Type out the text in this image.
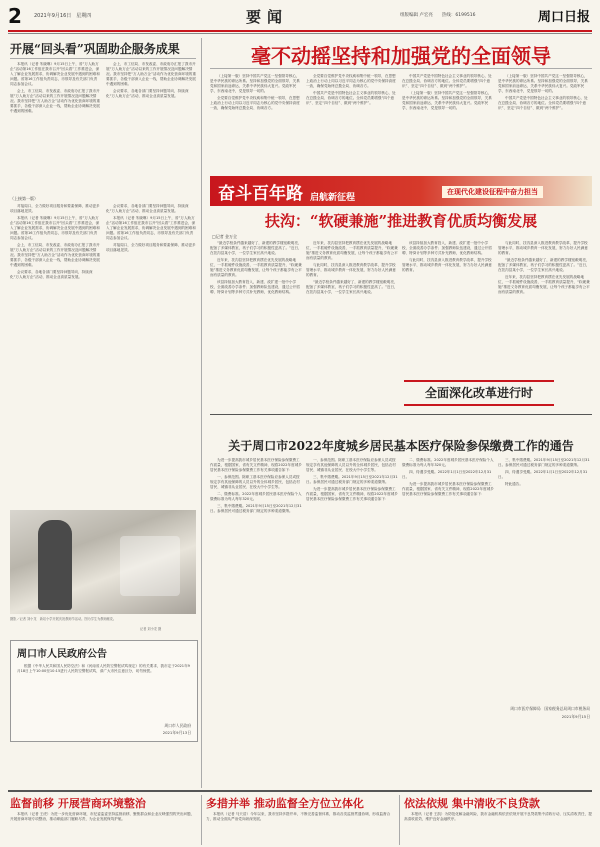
2 2021年9月16日　星期四	要闻	组版编辑 卢宏亮　　热线：6199516	周口日报
开展“回头看”巩固助企服务成果

本报讯（记者 朱晓琳）9月15日上午，省“万人助万企”活动第16工作组在我市召开“回头看”工作推进会，深入了解企业发展需求，协调解决企业发展中遇到的困难和问题。省第16工作组负责同志，市领导及有关部门负责同志参加会议。

会上，市工信局、市发改委、市政府办汇报了我市开展“万人助万企”活动以来的工作开展情况及问题解决情况。我市坚持把“万人助万企”活动作为优化营商环境的重要抓手，各级干部深入企业一线，帮助企业协调解决发展中遇到的困难。

会上，市工信局、市发改委、市政府办汇报了我市开展“万人助万企”活动以来的工作开展情况及问题解决情况。我市坚持把“万人助万企”活动作为优化营商环境的重要抓手，各级干部深入企业一线，帮助企业协调解决发展中遇到的困难。

会议要求，各地各部门要坚持问题导向，持续深化“万人助万企”活动，推动企业高质量发展。

（上接第一版）

对接周口，全力做好项目服务和要素保障，推动更多项目落地见效。

本报讯（记者 朱晓琳）9月15日上午，省“万人助万企”活动第16工作组在我市召开“回头看”工作推进会，深入了解企业发展需求，协调解决企业发展中遇到的困难和问题。省第16工作组负责同志，市领导及有关部门负责同志参加会议。

会上，市工信局、市发改委、市政府办汇报了我市开展“万人助万企”活动以来的工作开展情况及问题解决情况。我市坚持把“万人助万企”活动作为优化营商环境的重要抓手，各级干部深入企业一线，帮助企业协调解决发展中遇到的困难。

会议要求，各地各部门要坚持问题导向，持续深化“万人助万企”活动，推动企业高质量发展。

会议要求，各地各部门要坚持问题导向，持续深化“万人助万企”活动，推动企业高质量发展。

本报讯（记者 朱晓琳）9月15日上午，省“万人助万企”活动第16工作组在我市召开“回头看”工作推进会，深入了解企业发展需求，协调解决企业发展中遇到的困难和问题。省第16工作组负责同志，市领导及有关部门负责同志参加会议。

对接周口，全力做好项目服务和要素保障，推动更多项目落地见效。

毫不动摇坚持和加强党的全面领导

（上接第一版）坚持中国共产党这一坚强领导核心，是中华民族的命运所系。坚持和加强党的全面领导，关系党和国家前途命运，关系中华民族伟大复兴。党政军民学，东西南北中，党是领导一切的。

全党要自觉维护党中央权威和集中统一领导，在思想上政治上行动上同以习近平同志为核心的党中央保持高度一致，确保党始终总揽全局、协调各方。

全党要自觉维护党中央权威和集中统一领导，在思想上政治上行动上同以习近平同志为核心的党中央保持高度一致，确保党始终总揽全局、协调各方。

中国共产党是中国特色社会主义事业的领导核心，处在总揽全局、协调各方的地位。全体党员要增强“四个意识”、坚定“四个自信”、做到“两个维护”。

中国共产党是中国特色社会主义事业的领导核心，处在总揽全局、协调各方的地位。全体党员要增强“四个意识”、坚定“四个自信”、做到“两个维护”。

（上接第一版）坚持中国共产党这一坚强领导核心，是中华民族的命运所系。坚持和加强党的全面领导，关系党和国家前途命运，关系中华民族伟大复兴。党政军民学，东西南北中，党是领导一切的。

（上接第一版）坚持中国共产党这一坚强领导核心，是中华民族的命运所系。坚持和加强党的全面领导，关系党和国家前途命运，关系中华民族伟大复兴。党政军民学，东西南北中，党是领导一切的。

中国共产党是中国特色社会主义事业的领导核心，处在总揽全局、协调各方的地位。全体党员要增强“四个意识”、坚定“四个自信”、做到“两个维护”。

奋斗百年路 启航新征程
在现代化建设征程中奋力担当
扶沟：“软硬兼施”推进教育优质均衡发展
□记者 金万全

“最近学校条件越来越好了，新建的教学楼宽敞明亮，配备了多媒体教室，孩子们学习的积极性更高了。”近日，在扶沟县某小学，一位学生家长高兴地说。

近年来，扶沟县坚持把教育摆在优先发展的战略地位，一手抓硬件设施改善，一手抓教育质量提升，“软硬兼施”推进义务教育优质均衡发展，让每个孩子都能享有公平而有质量的教育。

该县持续加大教育投入，新建、改扩建一批中小学校，全面改善办学条件；加强教师队伍建设，通过公开招聘、特岗计划等多种方式补充教师，优化教师结构。

近年来，扶沟县坚持把教育摆在优先发展的战略地位，一手抓硬件设施改善，一手抓教育质量提升，“软硬兼施”推进义务教育优质均衡发展，让每个孩子都能享有公平而有质量的教育。

与此同时，扶沟县深入推进教育教学改革，提升学校管理水平，推动城乡教育一体化发展，努力办好人民满意的教育。

“最近学校条件越来越好了，新建的教学楼宽敞明亮，配备了多媒体教室，孩子们学习的积极性更高了。”近日，在扶沟县某小学，一位学生家长高兴地说。

该县持续加大教育投入，新建、改扩建一批中小学校，全面改善办学条件；加强教师队伍建设，通过公开招聘、特岗计划等多种方式补充教师，优化教师结构。

与此同时，扶沟县深入推进教育教学改革，提升学校管理水平，推动城乡教育一体化发展，努力办好人民满意的教育。

与此同时，扶沟县深入推进教育教学改革，提升学校管理水平，推动城乡教育一体化发展，努力办好人民满意的教育。

“最近学校条件越来越好了，新建的教学楼宽敞明亮，配备了多媒体教室，孩子们学习的积极性更高了。”近日，在扶沟县某小学，一位学生家长高兴地说。

近年来，扶沟县坚持把教育摆在优先发展的战略地位，一手抓硬件设施改善，一手抓教育质量提升，“软硬兼施”推进义务教育优质均衡发展，让每个孩子都能享有公平而有质量的教育。

全面深化改革进行时
摄影／记者 刘小龙　新站小学开展庆祝教师节活动。图为学生为教师献花。
记者 刘小龙 摄
周口市人民政府公告

根据《中华人民共和国人民防空法》和《河南省人民防空警报试鸣规定》的有关要求，我市定于2021年9月18日上午10:00至10:15进行人民防空警报试鸣，请广大市民注意区分，切勿惊慌。

周口市人民政府
2021年9月13日
关于周口市2022年度城乡居民基本医疗保险参保缴费工作的通告

为进一步提高我市城乡居民基本医疗保险参保缴费工作质量，根据国家、省有关文件精神，现将2022年度城乡居民基本医疗保险参保缴费工作有关事项通告如下：

一、参保范围。除职工基本医疗保险应参保人员或按规定享有其他保障的人员以外的全体城乡居民，包括农村居民、城镇非从业居民、在校大中小学生等。

二、缴费标准。2022年度城乡居民基本医疗保险个人缴费标准为每人每年320元。

三、集中缴费期。2021年9月15日至2021年12月31日。参保居民可通过税务部门规定的多种渠道缴纳。

一、参保范围。除职工基本医疗保险应参保人员或按规定享有其他保障的人员以外的全体城乡居民，包括农村居民、城镇非从业居民、在校大中小学生等。

三、集中缴费期。2021年9月15日至2021年12月31日。参保居民可通过税务部门规定的多种渠道缴纳。

为进一步提高我市城乡居民基本医疗保险参保缴费工作质量，根据国家、省有关文件精神，现将2022年度城乡居民基本医疗保险参保缴费工作有关事项通告如下：

二、缴费标准。2022年度城乡居民基本医疗保险个人缴费标准为每人每年320元。

四、待遇享受期。2022年1月1日至2022年12月31日。

为进一步提高我市城乡居民基本医疗保险参保缴费工作质量，根据国家、省有关文件精神，现将2022年度城乡居民基本医疗保险参保缴费工作有关事项通告如下：

三、集中缴费期。2021年9月15日至2021年12月31日。参保居民可通过税务部门规定的多种渠道缴纳。

四、待遇享受期。2022年1月1日至2022年12月31日。

特此通告。

周口市医疗保障局　国家税务总局周口市税务局
2021年9月15日
监督前移 开展营商环境整治

本报讯（记者 王虎）为进一步优化营商环境，市纪委监委坚持监督前移，聚焦群众和企业反映强烈的突出问题，开展营商环境专项整治，推动职能部门履职尽责，为企业发展保驾护航。

多措并举 推动监督全方位立体化

本报讯（记者 马天浩）今年以来，我市坚持多措并举，不断完善监督体系，推动各类监督贯通协调，形成监督合力，推动全面从严治党向纵深发展。

依法依规 集中清收不良贷款

本报讯（记者 王凯）为防范化解金融风险，我市金融机构依法依规开展不良贷款集中清收行动，压实清收责任，提高清收质效，维护良好金融秩序。
